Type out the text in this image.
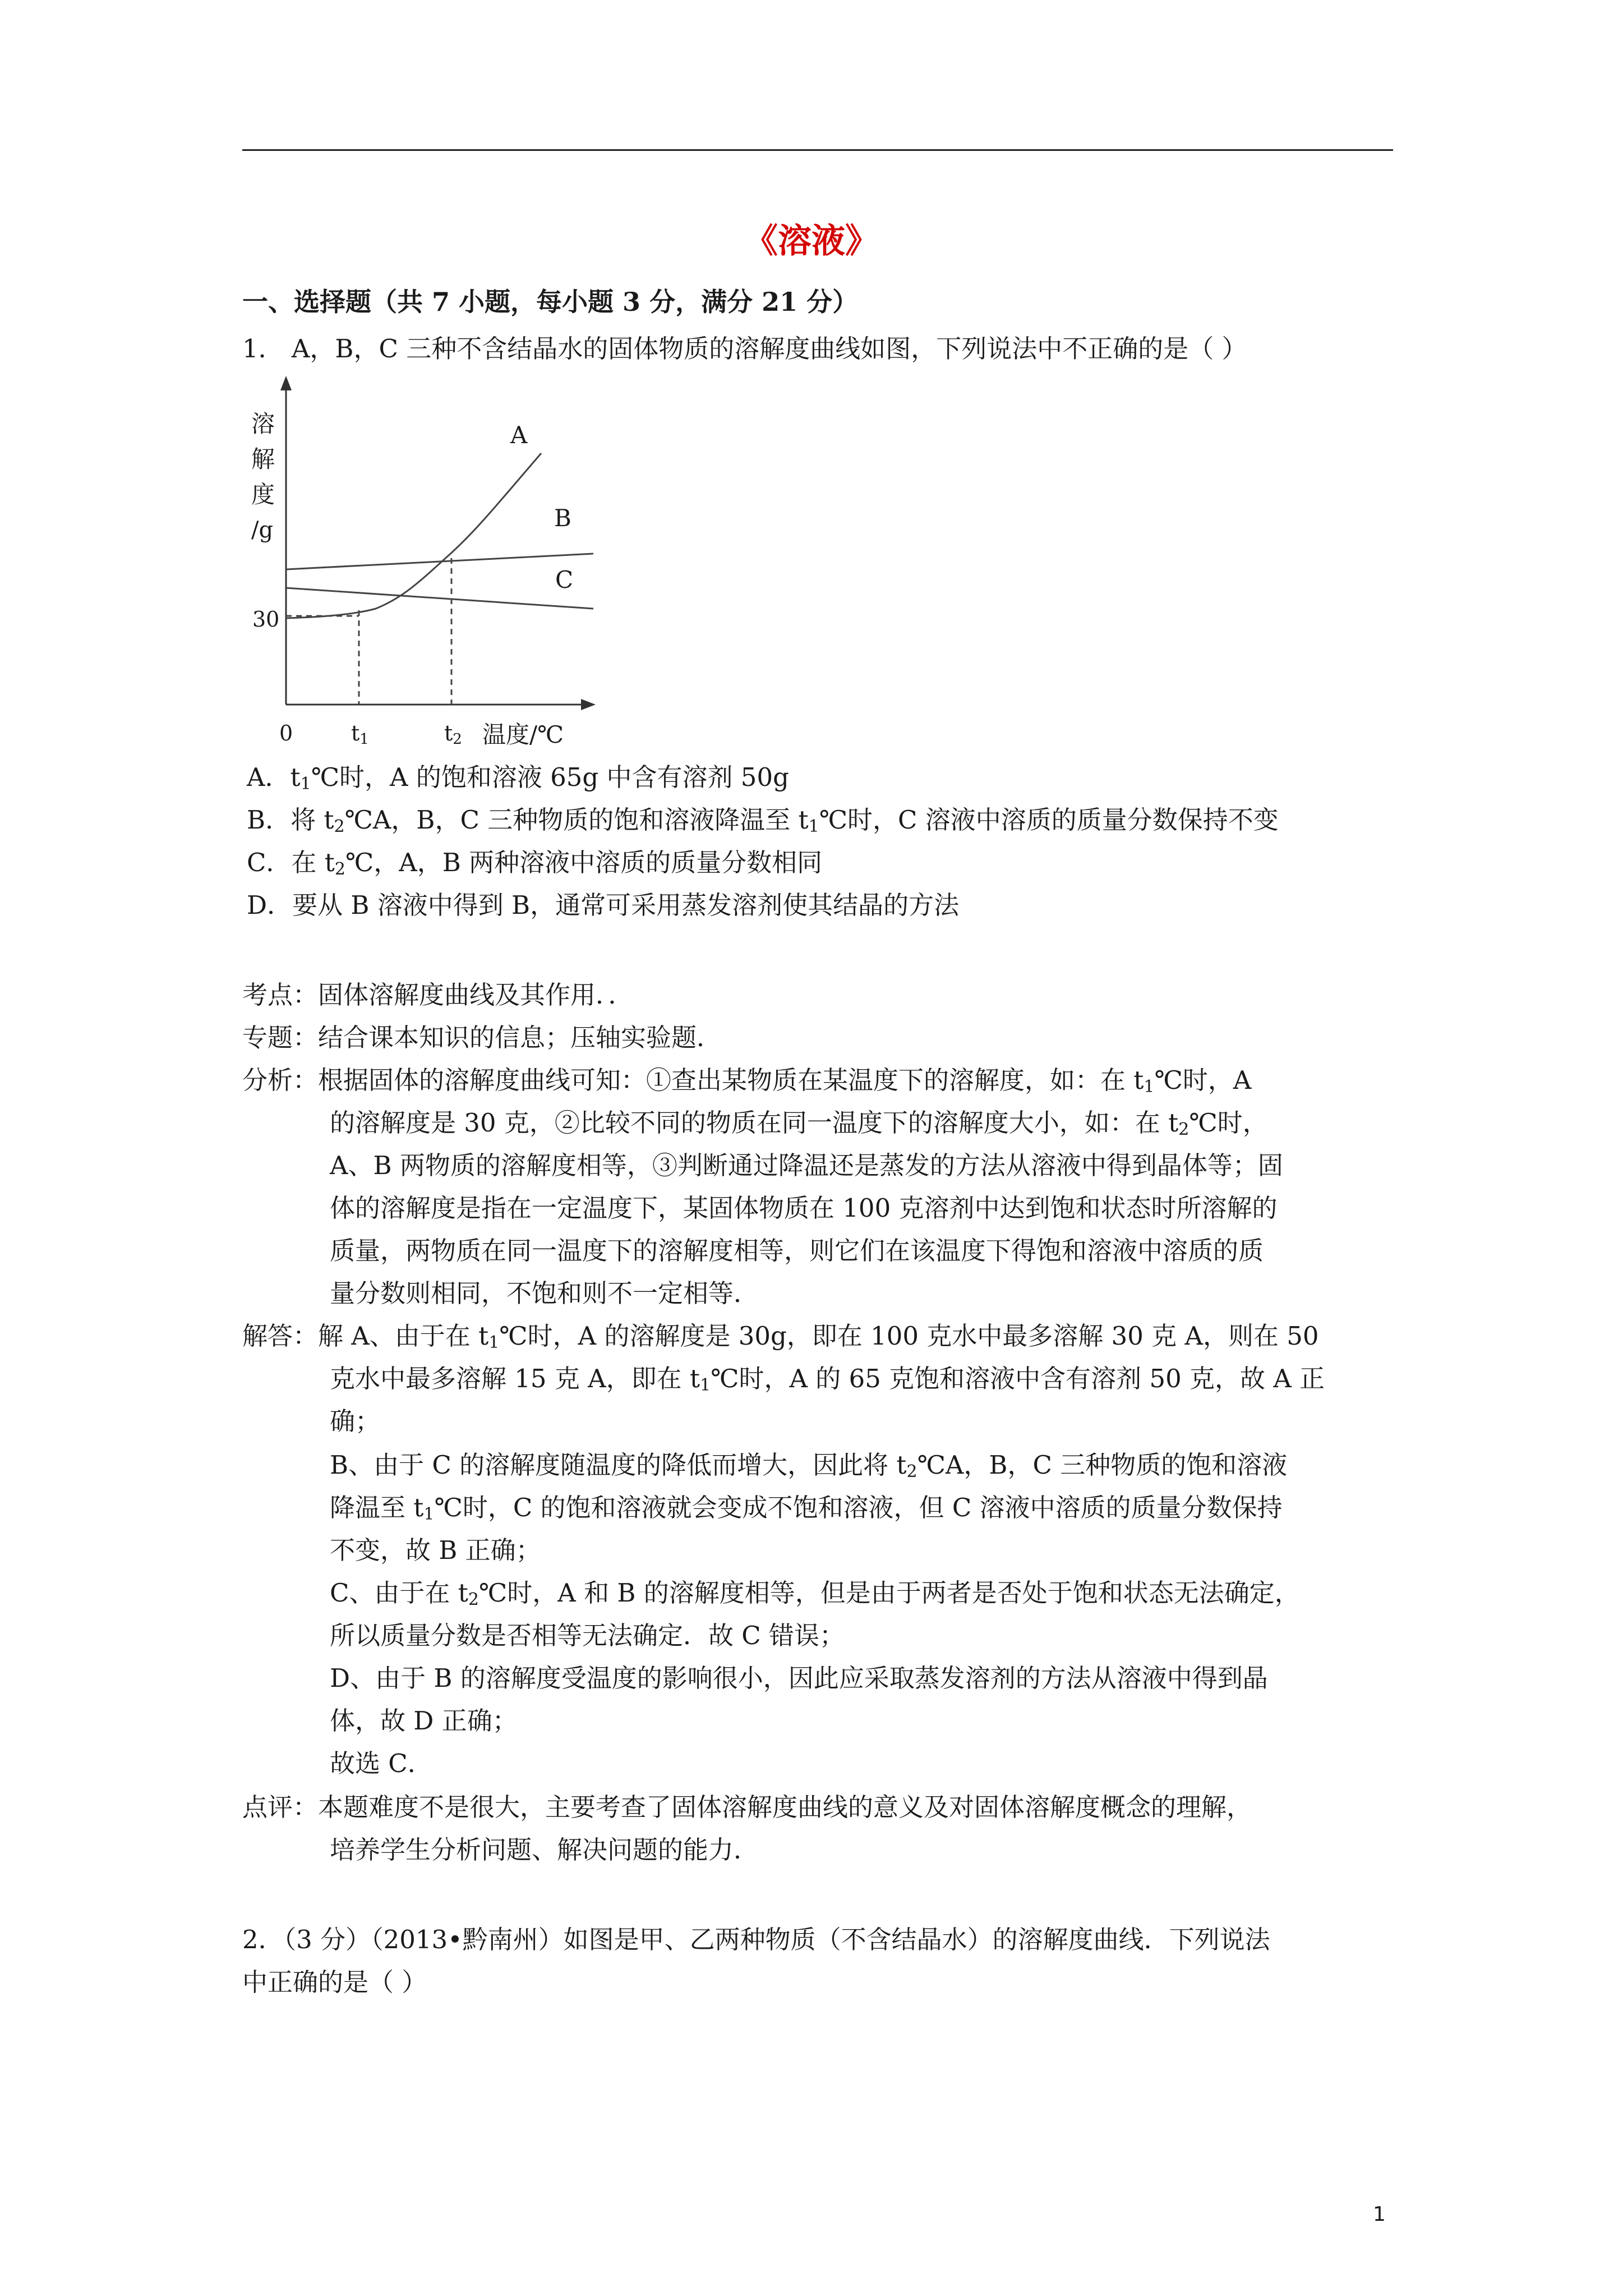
《溶液》
一、选择题（共 7 小题，每小题 3 分，满分 21 分）
1． A，B，C 三种不含结晶水的固体物质的溶解度曲线如图，下列说法中不正确的是（ ）
溶
解
度
/g
30
A
B
C
0	t1	t2 温度/℃
A．$t_1℃$时，A 的饱和溶液 65g 中含有溶剂 50g
B．将 $t_2℃A$，B，C 三种物质的饱和溶液降温至 $t_1℃$时，C 溶液中溶质的质量分数保持不变
C．在 $t_2℃$，A，B 两种溶液中溶质的质量分数相同
D．要从 B 溶液中得到 B，通常可采用蒸发溶剂使其结晶的方法
考点：固体溶解度曲线及其作用．．
专题：结合课本知识的信息；压轴实验题．
分析：根据固体的溶解度曲线可知：①查出某物质在某温度下的溶解度，如：在 $t_1℃$时，A
的溶解度是 30 克，②比较不同的物质在同一温度下的溶解度大小，如：在 $t_2℃$时，
A、B 两物质的溶解度相等，③判断通过降温还是蒸发的方法从溶液中得到晶体等；固
体的溶解度是指在一定温度下，某固体物质在 100 克溶剂中达到饱和状态时所溶解的
质量，两物质在同一温度下的溶解度相等，则它们在该温度下得饱和溶液中溶质的质
量分数则相同，不饱和则不一定相等．
解答：解 A、由于在 $t_1℃$时，A 的溶解度是 30g，即在 100 克水中最多溶解 30 克 A，则在 50
克水中最多溶解 15 克 A，即在 $t_1℃$时，A 的 65 克饱和溶液中含有溶剂 50 克，故 A 正
确；
B、由于 C 的溶解度随温度的降低而增大，因此将 $t_2℃A$，B，C 三种物质的饱和溶液
降温至 $t_1℃$时，C 的饱和溶液就会变成不饱和溶液，但 C 溶液中溶质的质量分数保持
不变，故 B 正确；
C、由于在 $t_2℃$时，A 和 B 的溶解度相等，但是由于两者是否处于饱和状态无法确定，
所以质量分数是否相等无法确定．故 C 错误；
D、由于 B 的溶解度受温度的影响很小，因此应采取蒸发溶剂的方法从溶液中得到晶
体，故 D 正确；
故选 C．
点评：本题难度不是很大，主要考查了固体溶解度曲线的意义及对固体溶解度概念的理解，
培养学生分析问题、解决问题的能力．
2．（3 分）（2013•黔南州）如图是甲、乙两种物质（不含结晶水）的溶解度曲线．下列说法
中正确的是（ ）
1
